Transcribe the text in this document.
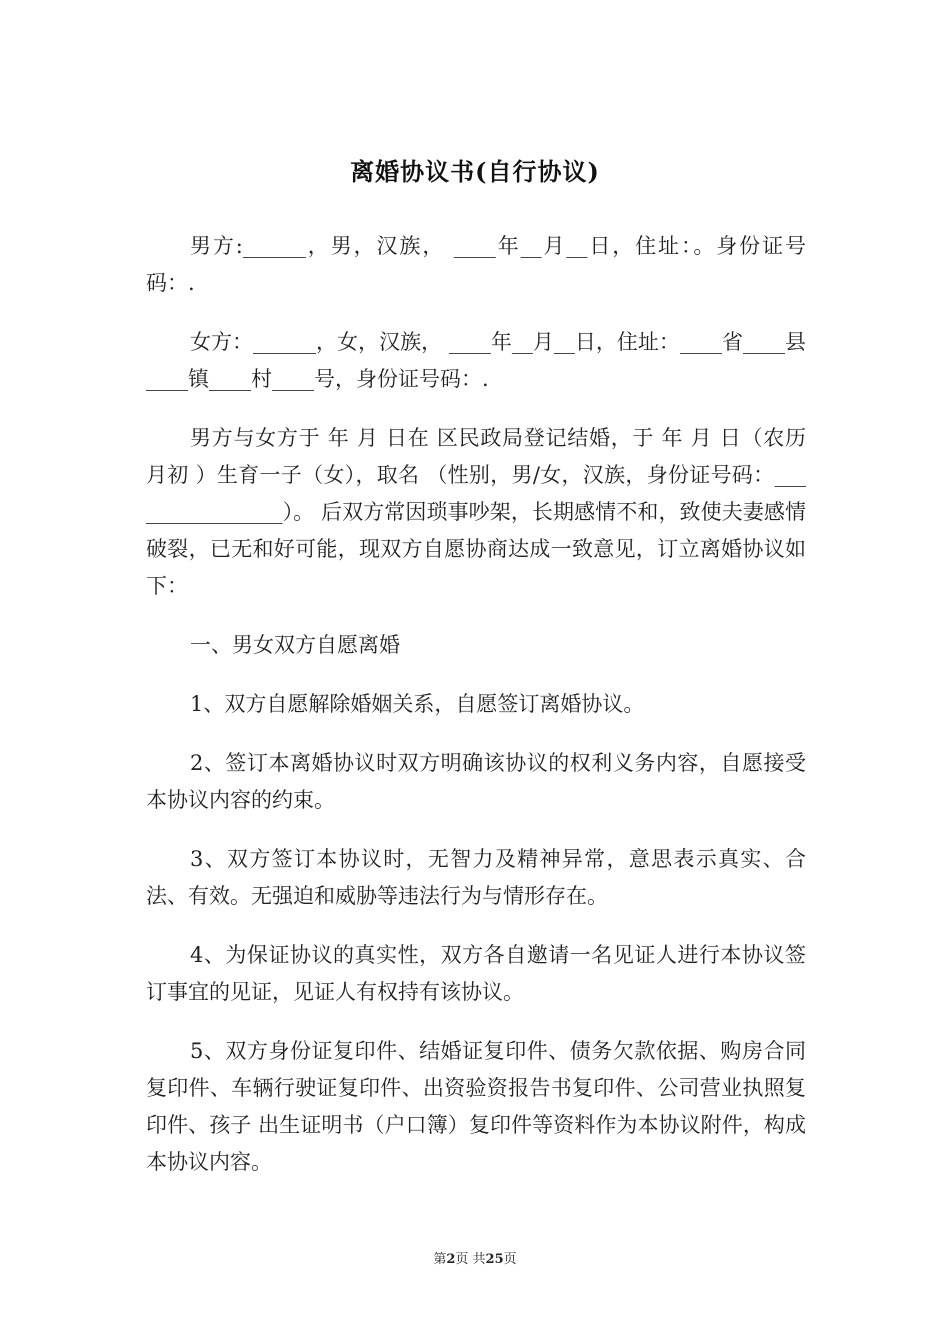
离婚协议书(自行协议)

男方:______，男，汉族， ____年__月__日，住址：。身份证号码：.

女方：______，女，汉族， ____年__月__日，住址：____省____县____镇____村____号，身份证号码：.

男方与女方于 年 月 日在 区民政局登记结婚，于 年 月 日（农历 月初 ）生育一子（女），取名 （性别，男/女，汉族，身份证号码：________________）。 后双方常因琐事吵架，长期感情不和，致使夫妻感情破裂，已无和好可能，现双方自愿协商达成一致意见，订立离婚协议如下：

一、男女双方自愿离婚

1、双方自愿解除婚姻关系，自愿签订离婚协议。

2、签订本离婚协议时双方明确该协议的权利义务内容，自愿接受本协议内容的约束。

3、双方签订本协议时，无智力及精神异常，意思表示真实、合法、有效。无强迫和威胁等违法行为与情形存在。

4、为保证协议的真实性，双方各自邀请一名见证人进行本协议签订事宜的见证，见证人有权持有该协议。

5、双方身份证复印件、结婚证复印件、债务欠款依据、购房合同复印件、车辆行驶证复印件、出资验资报告书复印件、公司营业执照复印件、孩子 出生证明书（户口簿）复印件等资料作为本协议附件，构成本协议内容。

第2页 共25页
